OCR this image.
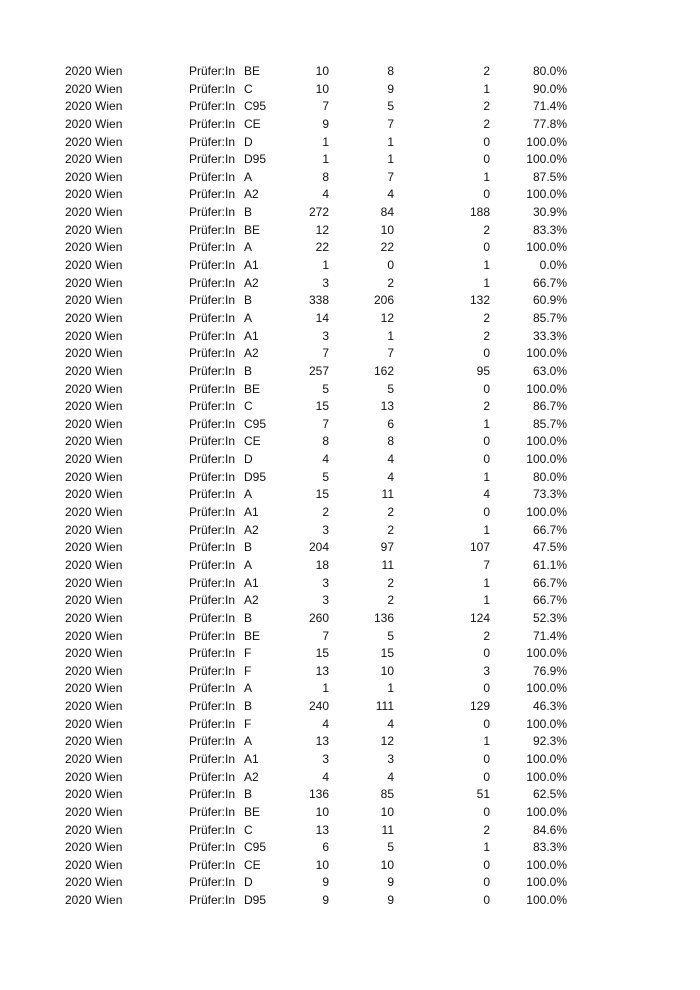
2020 Wien	Prüfer:In BE	10	8	2	80.0%
2020 Wien	Prüfer:In C	10	9	1	90.0%
2020 Wien	Prüfer:In C95	7	5	2	71.4%
2020 Wien	Prüfer:In CE	9	7	2	77.8%
2020 Wien	Prüfer:In D	1	1	0	100.0%
2020 Wien	Prüfer:In D95	1	1	0	100.0%
2020 Wien	Prüfer:In A	8	7	1	87.5%
2020 Wien	Prüfer:In A2	4	4	0	100.0%
2020 Wien	Prüfer:In B	272	84	188	30.9%
2020 Wien	Prüfer:In BE	12	10	2	83.3%
2020 Wien	Prüfer:In A	22	22	0	100.0%
2020 Wien	Prüfer:In A1	1	0	1	0.0%
2020 Wien	Prüfer:In A2	3	2	1	66.7%
2020 Wien	Prüfer:In B	338	206	132	60.9%
2020 Wien	Prüfer:In A	14	12	2	85.7%
2020 Wien	Prüfer:In A1	3	1	2	33.3%
2020 Wien	Prüfer:In A2	7	7	0	100.0%
2020 Wien	Prüfer:In B	257	162	95	63.0%
2020 Wien	Prüfer:In BE	5	5	0	100.0%
2020 Wien	Prüfer:In C	15	13	2	86.7%
2020 Wien	Prüfer:In C95	7	6	1	85.7%
2020 Wien	Prüfer:In CE	8	8	0	100.0%
2020 Wien	Prüfer:In D	4	4	0	100.0%
2020 Wien	Prüfer:In D95	5	4	1	80.0%
2020 Wien	Prüfer:In A	15	11	4	73.3%
2020 Wien	Prüfer:In A1	2	2	0	100.0%
2020 Wien	Prüfer:In A2	3	2	1	66.7%
2020 Wien	Prüfer:In B	204	97	107	47.5%
2020 Wien	Prüfer:In A	18	11	7	61.1%
2020 Wien	Prüfer:In A1	3	2	1	66.7%
2020 Wien	Prüfer:In A2	3	2	1	66.7%
2020 Wien	Prüfer:In B	260	136	124	52.3%
2020 Wien	Prüfer:In BE	7	5	2	71.4%
2020 Wien	Prüfer:In F	15	15	0	100.0%
2020 Wien	Prüfer:In F	13	10	3	76.9%
2020 Wien	Prüfer:In A	1	1	0	100.0%
2020 Wien	Prüfer:In B	240	111	129	46.3%
2020 Wien	Prüfer:In F	4	4	0	100.0%
2020 Wien	Prüfer:In A	13	12	1	92.3%
2020 Wien	Prüfer:In A1	3	3	0	100.0%
2020 Wien	Prüfer:In A2	4	4	0	100.0%
2020 Wien	Prüfer:In B	136	85	51	62.5%
2020 Wien	Prüfer:In BE	10	10	0	100.0%
2020 Wien	Prüfer:In C	13	11	2	84.6%
2020 Wien	Prüfer:In C95	6	5	1	83.3%
2020 Wien	Prüfer:In CE	10	10	0	100.0%
2020 Wien	Prüfer:In D	9	9	0	100.0%
2020 Wien	Prüfer:In D95	9	9	0	100.0%
